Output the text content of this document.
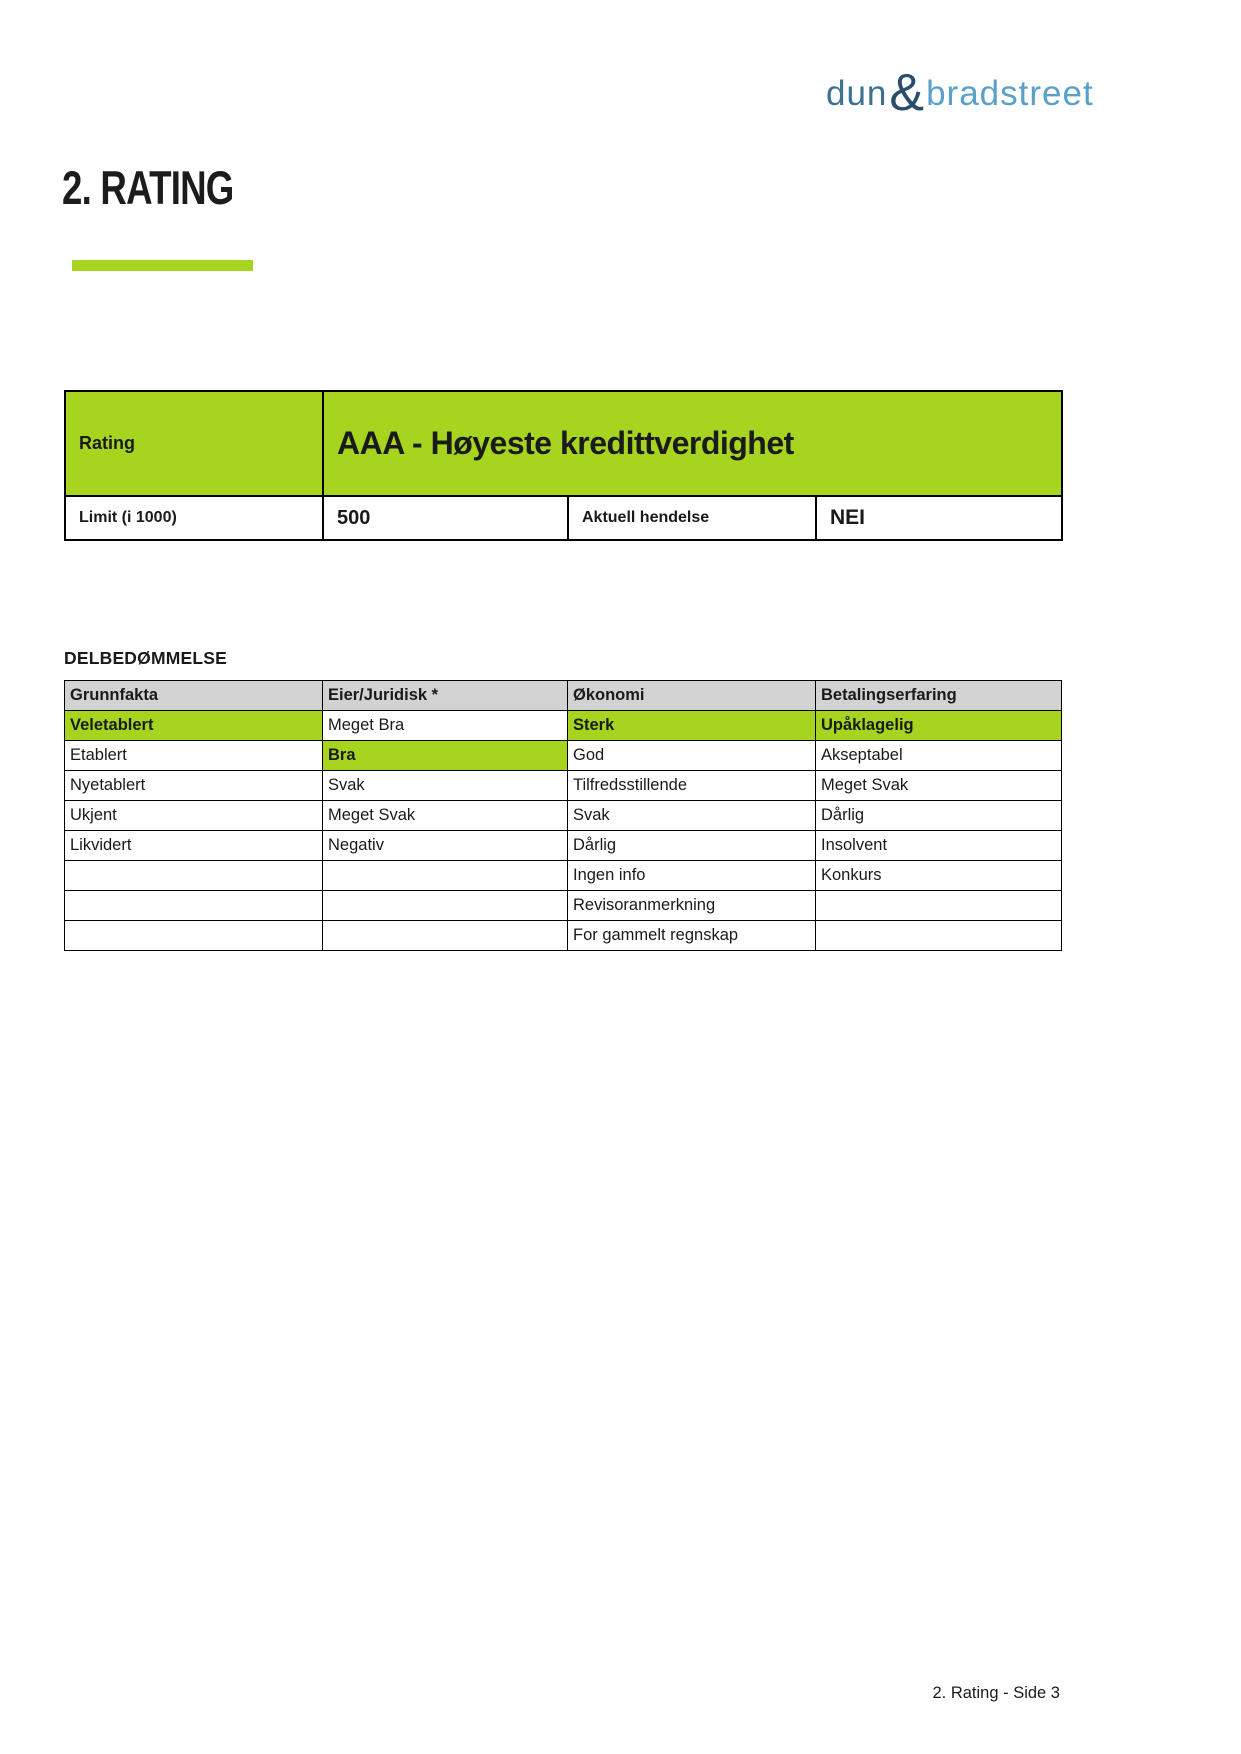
dun & bradstreet
2. RATING
Rating	AAA - Høyeste kredittverdighet		
Limit (i 1000)	500	Aktuell hendelse	NEI
DELBEDØMMELSE
Grunnfakta	Eier/Juridisk *	Økonomi	Betalingserfaring
Veletablert	Meget Bra	Sterk	Upåklagelig
Etablert	Bra	God	Akseptabel
Nyetablert	Svak	Tilfredsstillende	Meget Svak
Ukjent	Meget Svak	Svak	Dårlig
Likvidert	Negativ	Dårlig	Insolvent
		Ingen info	Konkurs
		Revisoranmerkning	
		For gammelt regnskap	
2. Rating - Side 3
